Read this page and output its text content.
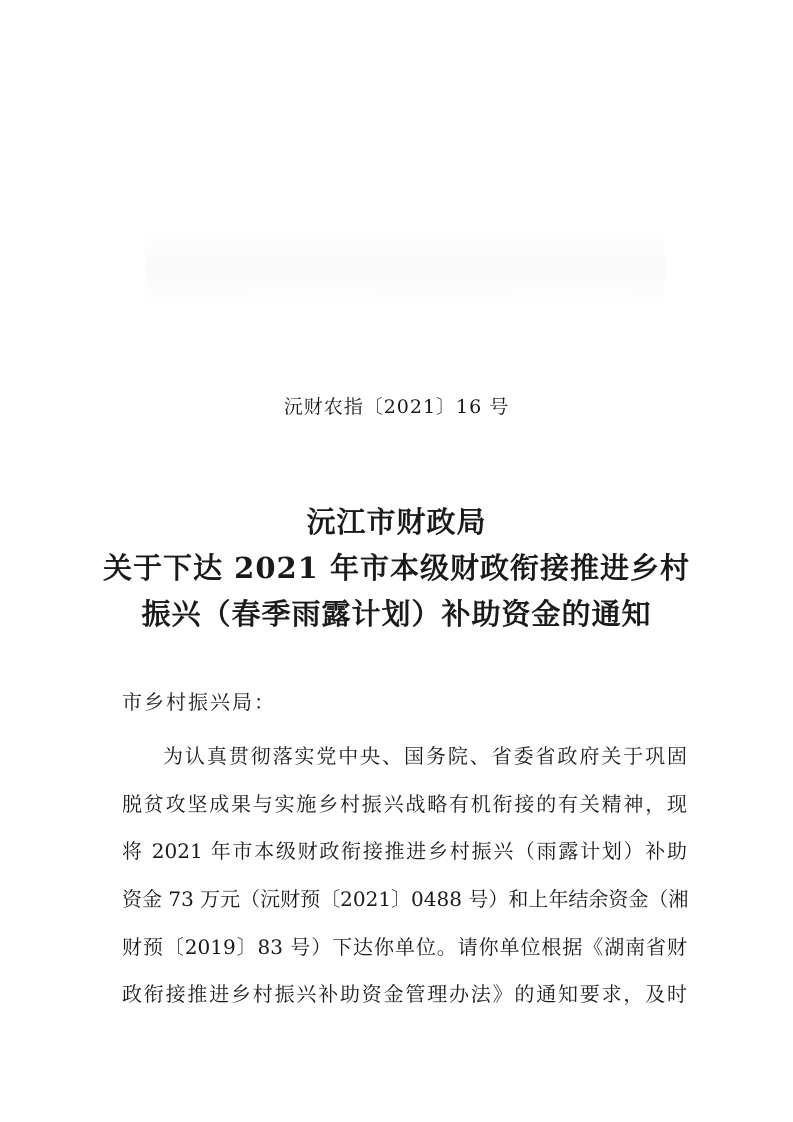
沅财农指〔2021〕16 号
沅江市财政局
关于下达 2021 年市本级财政衔接推进乡村
振兴（春季雨露计划）补助资金的通知
市乡村振兴局：
为认真贯彻落实党中央、国务院、省委省政府关于巩固
脱贫攻坚成果与实施乡村振兴战略有机衔接的有关精神，现
将 2021 年市本级财政衔接推进乡村振兴（雨露计划）补助
资金 73 万元（沅财预〔2021〕0488 号）和上年结余资金（湘
财预〔2019〕83 号）下达你单位。请你单位根据《湖南省财
政衔接推进乡村振兴补助资金管理办法》的通知要求，及时
